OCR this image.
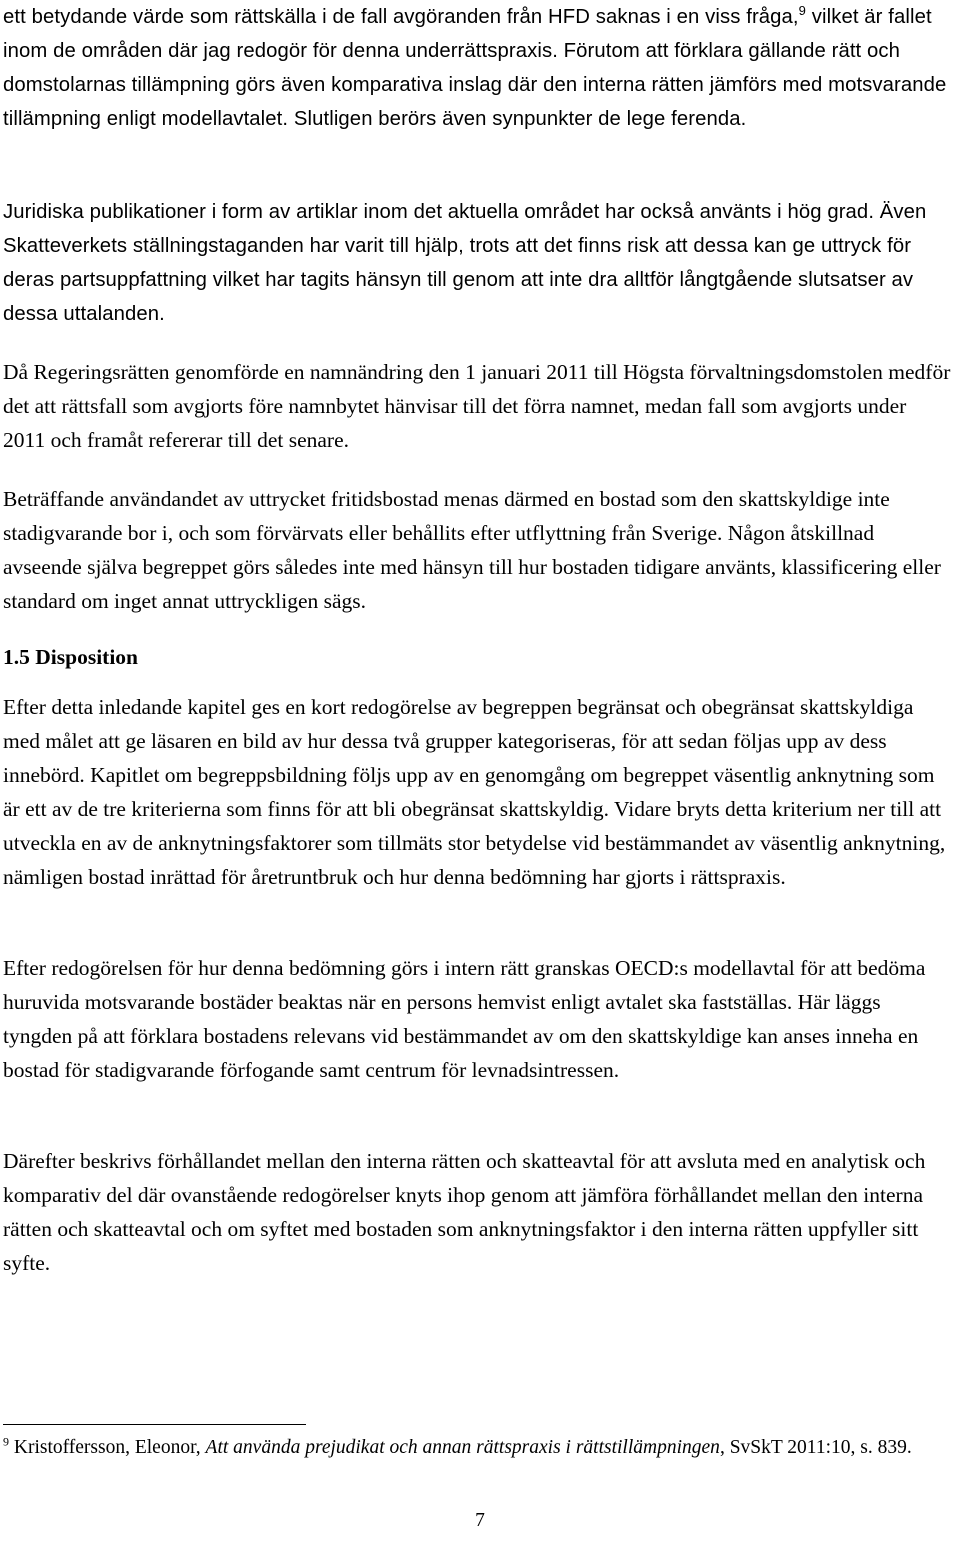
ett betydande värde som rättskälla i de fall avgöranden från HFD saknas i en viss fråga,$^9$ vilket är fallet inom de områden där jag redogör för denna underrättspraxis. Förutom att förklara gällande rätt och domstolarnas tillämpning görs även komparativa inslag där den interna rätten jämförs med motsvarande tillämpning enligt modellavtalet. Slutligen berörs även synpunkter de lege ferenda.

Juridiska publikationer i form av artiklar inom det aktuella området har också använts i hög grad. Även Skatteverkets ställningstaganden har varit till hjälp, trots att det finns risk att dessa kan ge uttryck för deras partsuppfattning vilket har tagits hänsyn till genom att inte dra alltför långtgående slutsatser av dessa uttalanden.

Då Regeringsrätten genomförde en namnändring den 1 januari 2011 till Högsta förvaltningsdomstolen medför det att rättsfall som avgjorts före namnbytet hänvisar till det förra namnet, medan fall som avgjorts under 2011 och framåt refererar till det senare.

Beträffande användandet av uttrycket fritidsbostad menas därmed en bostad som den skattskyldige inte stadigvarande bor i, och som förvärvats eller behållits efter utflyttning från Sverige. Någon åtskillnad avseende själva begreppet görs således inte med hänsyn till hur bostaden tidigare använts, klassificering eller standard om inget annat uttryckligen sägs.

1.5 Disposition

Efter detta inledande kapitel ges en kort redogörelse av begreppen begränsat och obegränsat skattskyldiga med målet att ge läsaren en bild av hur dessa två grupper kategoriseras, för att sedan följas upp av dess innebörd. Kapitlet om begreppsbildning följs upp av en genomgång om begreppet väsentlig anknytning som är ett av de tre kriterierna som finns för att bli obegränsat skattskyldig. Vidare bryts detta kriterium ner till att utveckla en av de anknytningsfaktorer som tillmäts stor betydelse vid bestämmandet av väsentlig anknytning, nämligen bostad inrättad för åretruntbruk och hur denna bedömning har gjorts i rättspraxis.

Efter redogörelsen för hur denna bedömning görs i intern rätt granskas OECD:s modellavtal för att bedöma huruvida motsvarande bostäder beaktas när en persons hemvist enligt avtalet ska fastställas. Här läggs tyngden på att förklara bostadens relevans vid bestämmandet av om den skattskyldige kan anses inneha en bostad för stadigvarande förfogande samt centrum för levnadsintressen.

Därefter beskrivs förhållandet mellan den interna rätten och skatteavtal för att avsluta med en analytisk och komparativ del där ovanstående redogörelser knyts ihop genom att jämföra förhållandet mellan den interna rätten och skatteavtal och om syftet med bostaden som anknytningsfaktor i den interna rätten uppfyller sitt syfte.

$^9$ Kristoffersson, Eleonor, Att använda prejudikat och annan rättspraxis i rättstillämpningen, SvSkT 2011:10, s. 839.

7
